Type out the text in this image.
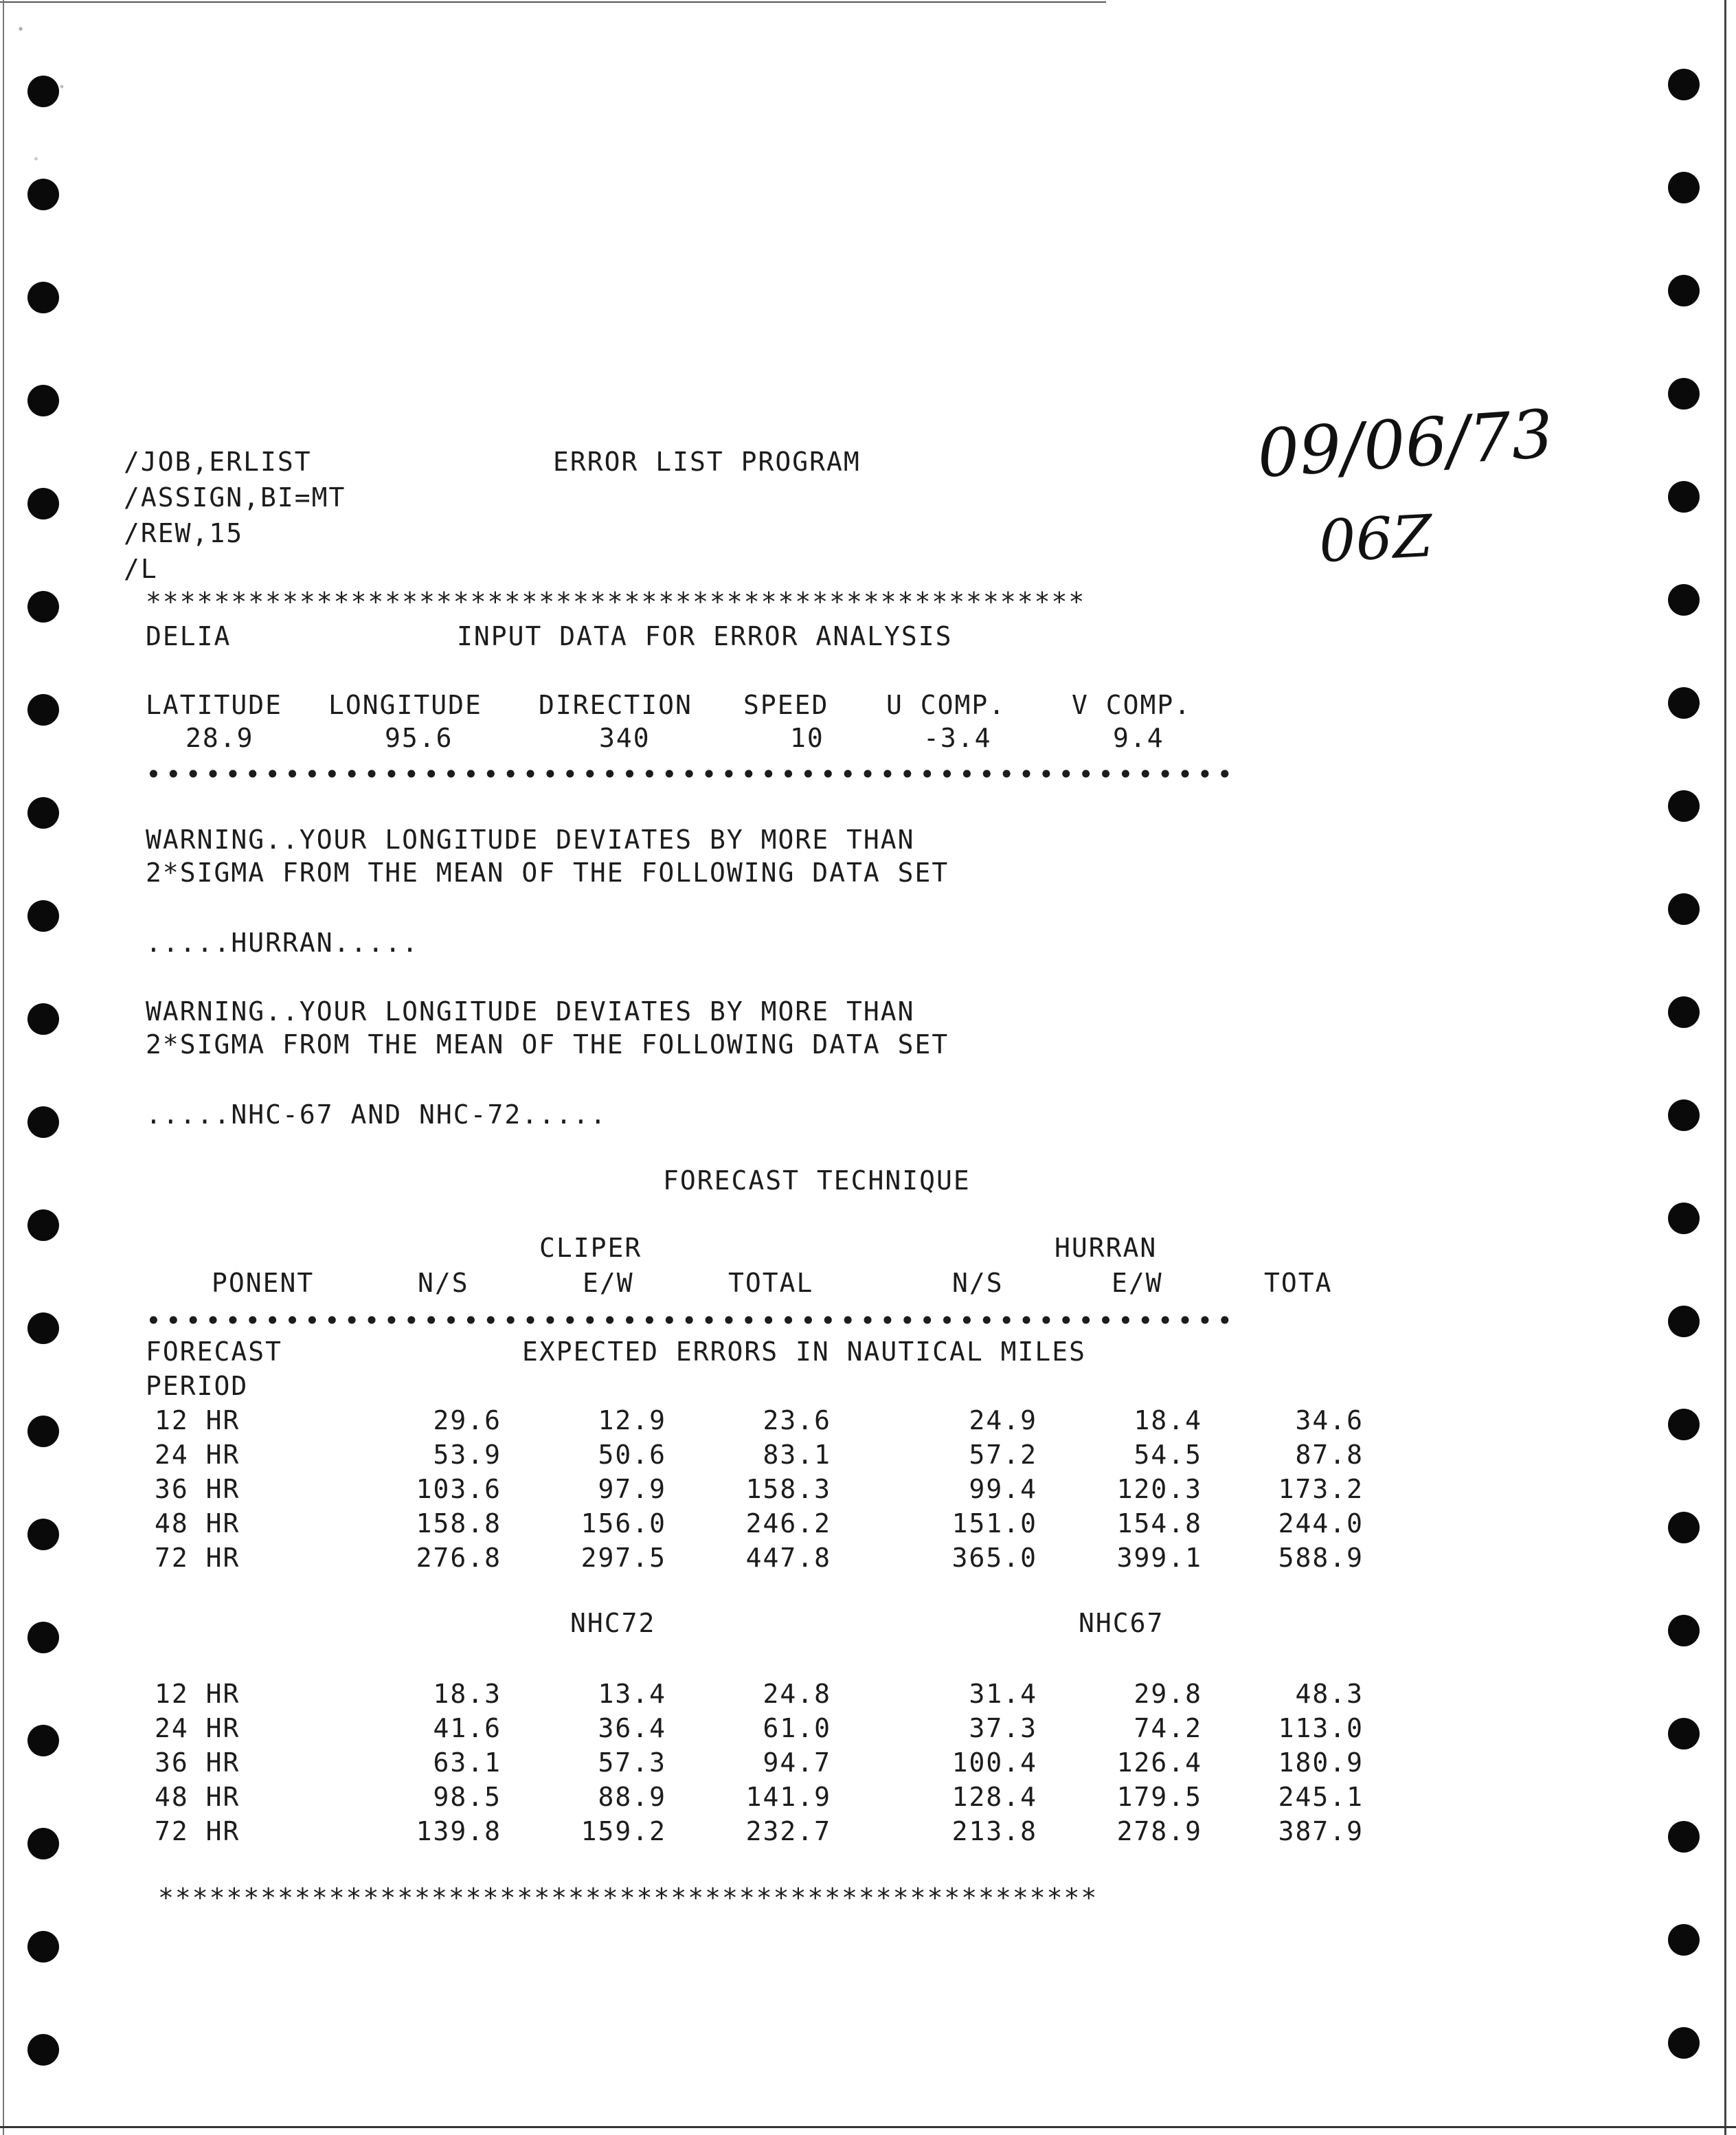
/JOB,ERLIST
/ASSIGN,BI=MT
/REW,15
/L
ERROR LIST PROGRAM	09/06/73
06Z
*******************************************************
DELIA	INPUT DATA FOR ERROR ANALYSIS
LATITUDE LONGITUDE DIRECTION SPEED U COMP.	V COMP.
28.9	95.6	340	10	-3.4	9.4
•••••••••••••••••••••••••••••••••••••••••••••••••••••••
WARNING..YOUR LONGITUDE DEVIATES BY MORE THAN
2*SIGMA FROM THE MEAN OF THE FOLLOWING DATA SET
.....HURRAN.....
WARNING..YOUR LONGITUDE DEVIATES BY MORE THAN
2*SIGMA FROM THE MEAN OF THE FOLLOWING DATA SET
.....NHC-67 AND NHC-72.....
FORECAST TECHNIQUE
CLIPER	HURRAN
PONENT	N/S	E/W	TOTAL	N/S	E/W	TOTA
•••••••••••••••••••••••••••••••••••••••••••••••••••••••
FORECAST	EXPECTED ERRORS IN NAUTICAL MILES
PERIOD
12 HR	29.6	12.9	23.6	24.9	18.4	34.6
24 HR	53.9	50.6	83.1	57.2	54.5	87.8
36 HR	103.6	97.9	158.3	99.4	120.3	173.2
48 HR	158.8	156.0	246.2	151.0	154.8	244.0
72 HR	276.8	297.5	447.8	365.0	399.1	588.9
NHC72	NHC67
12 HR	18.3	13.4	24.8	31.4	29.8	48.3
24 HR	41.6	36.4	61.0	37.3	74.2	113.0
36 HR	63.1	57.3	94.7	100.4	126.4	180.9
48 HR	98.5	88.9	141.9	128.4	179.5	245.1
72 HR	139.8	159.2	232.7	213.8	278.9	387.9
*******************************************************
